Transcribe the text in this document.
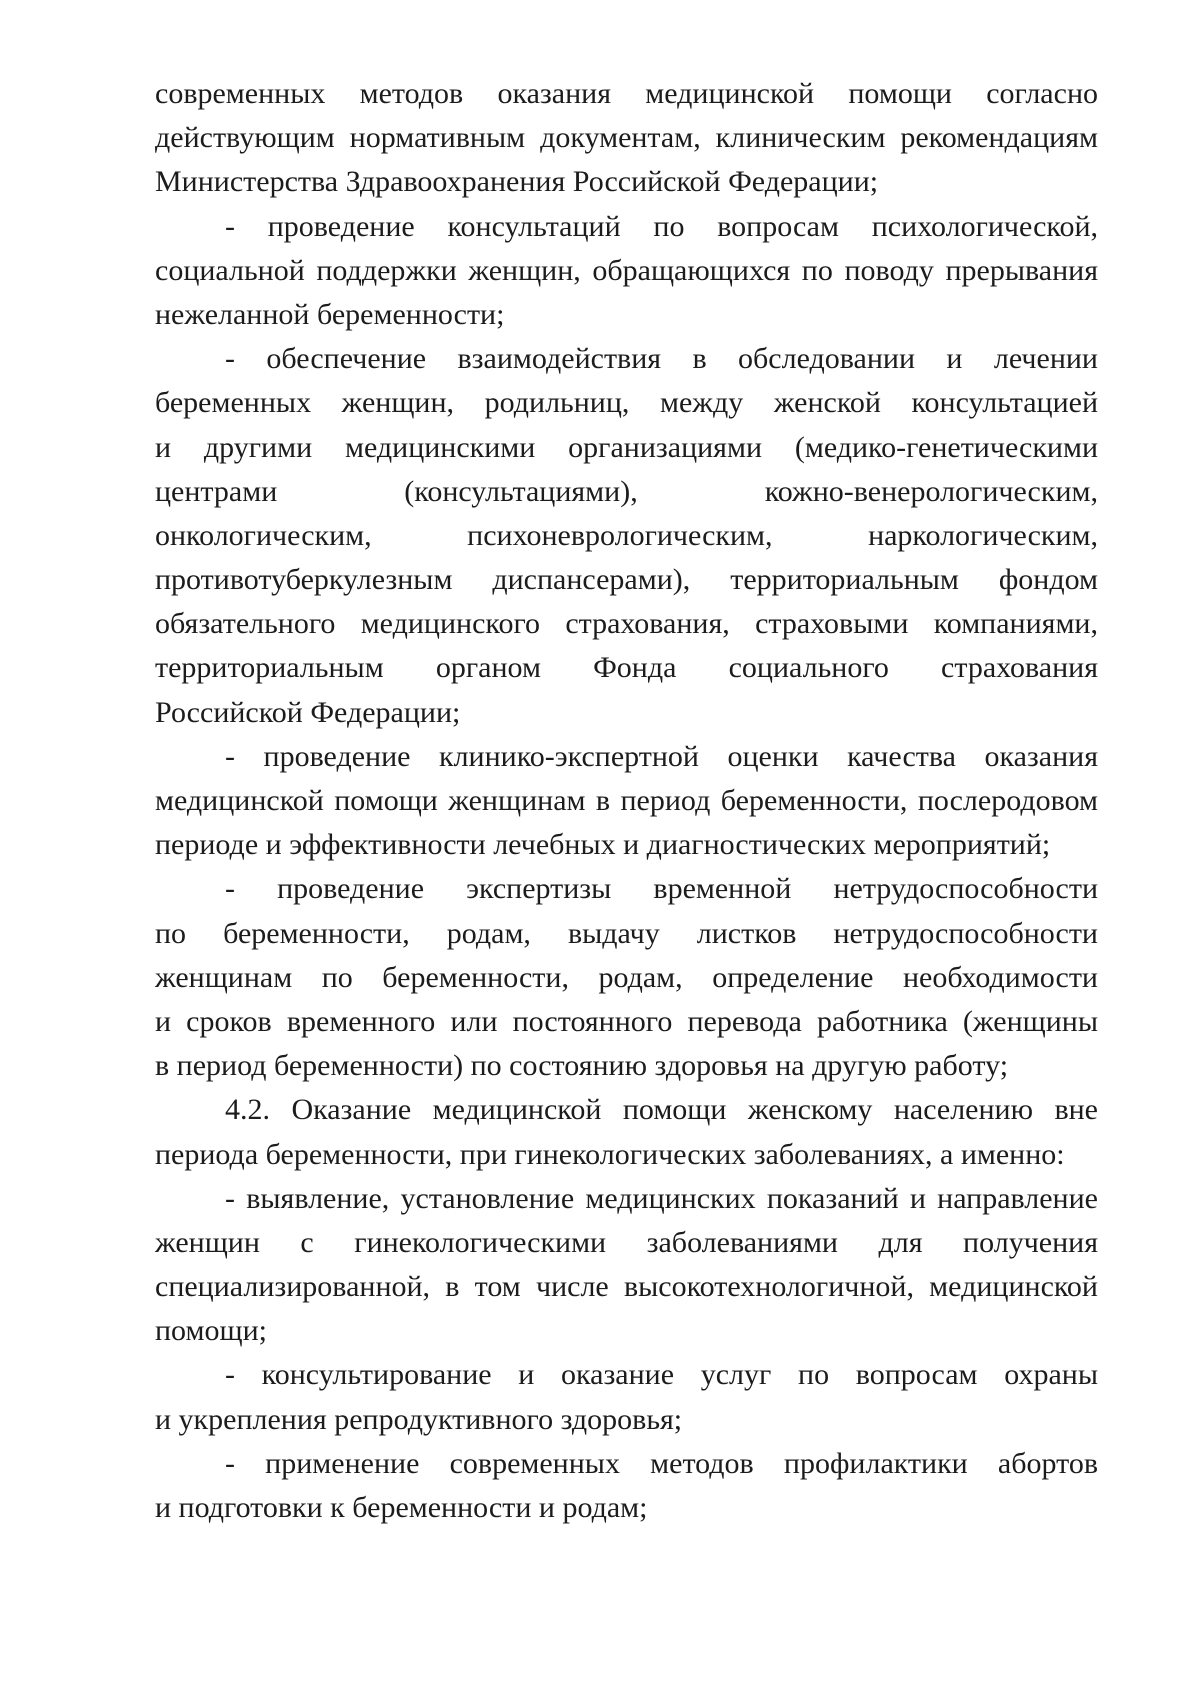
современных методов оказания медицинской помощи согласно
действующим нормативным документам, клиническим рекомендациям
Министерства Здравоохранения Российской Федерации;
- проведение консультаций по вопросам психологической,
социальной поддержки женщин, обращающихся по поводу прерывания
нежеланной беременности;
- обеспечение взаимодействия в обследовании и лечении
беременных женщин, родильниц, между женской консультацией
и другими медицинскими организациями (медико-генетическими
центрами (консультациями), кожно-венерологическим,
онкологическим, психоневрологическим, наркологическим,
противотуберкулезным диспансерами), территориальным фондом
обязательного медицинского страхования, страховыми компаниями,
территориальным органом Фонда социального страхования
Российской Федерации;
- проведение клинико-экспертной оценки качества оказания
медицинской помощи женщинам в период беременности, послеродовом
периоде и эффективности лечебных и диагностических мероприятий;
- проведение экспертизы временной нетрудоспособности
по беременности, родам, выдачу листков нетрудоспособности
женщинам по беременности, родам, определение необходимости
и сроков временного или постоянного перевода работника (женщины
в период беременности) по состоянию здоровья на другую работу;
4.2. Оказание медицинской помощи женскому населению вне
периода беременности, при гинекологических заболеваниях, а именно:
- выявление, установление медицинских показаний и направление
женщин с гинекологическими заболеваниями для получения
специализированной, в том числе высокотехнологичной, медицинской
помощи;
- консультирование и оказание услуг по вопросам охраны
и укрепления репродуктивного здоровья;
- применение современных методов профилактики абортов
и подготовки к беременности и родам;
